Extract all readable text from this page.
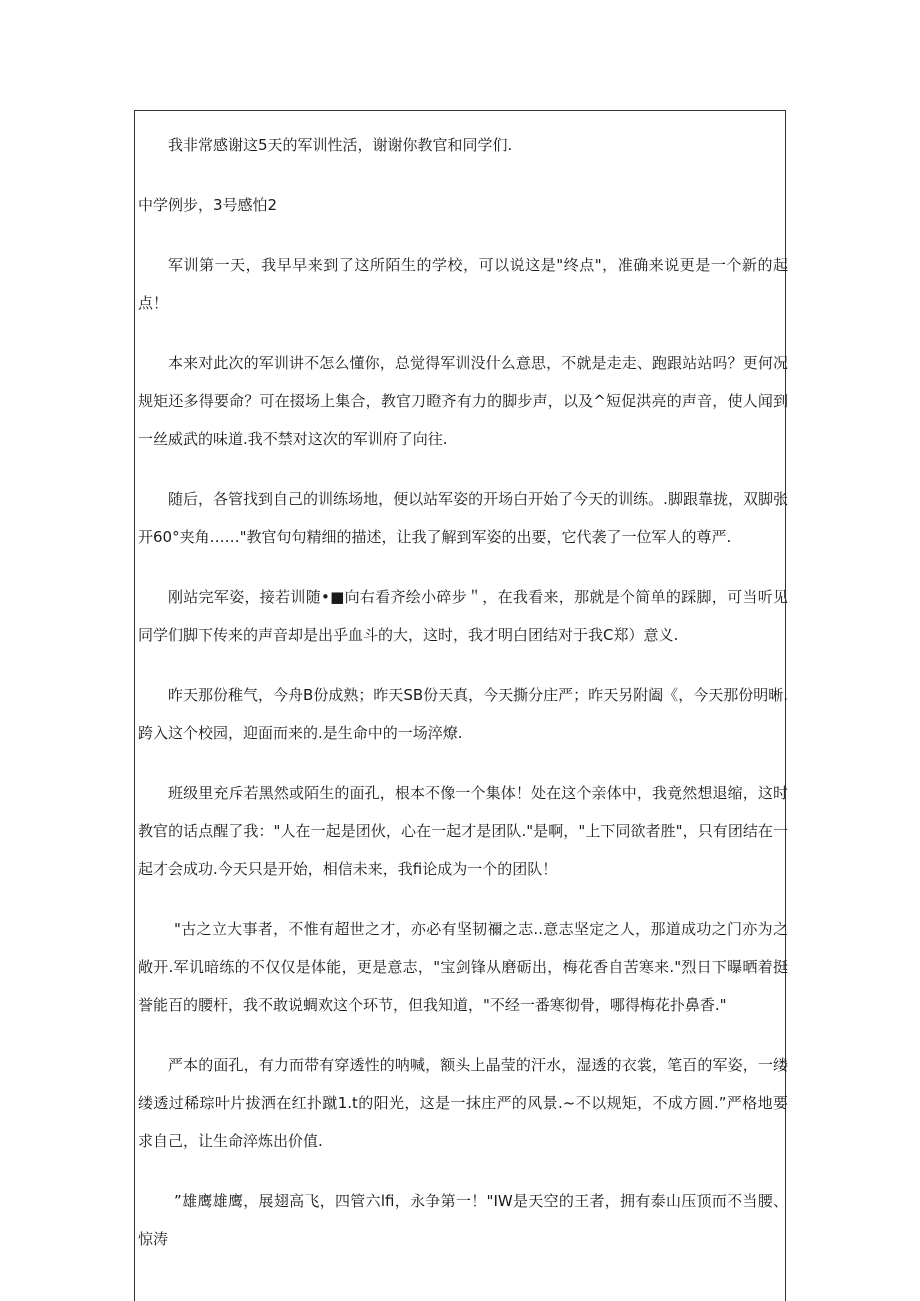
我非常感谢这5天的军训性活，谢谢你教官和同学们.

中学例步，3号感怕2

军训第一天，我早早来到了这所陌生的学校，可以说这是"终点"，准确来说更是一个新的起点！

本来对此次的军训讲不怎么懂你，总觉得军训没什么意思，不就是走走、跑跟站站吗？更何况规矩还多得要命？可在掇场上集合，教官刀瞪齐有力的脚步声，以及^短促洪亮的声音，使人闻到一丝威武的味道.我不禁对这次的军训府了向往.

随后，各管找到自己的训练场地，便以站军姿的开场白开始了今天的训练。.脚跟靠拢，双脚张开60°夹角……"教官句句精细的描述，让我了解到军姿的出要，它代袭了一位军人的尊严.

刚站完军姿，接若训随•■向右看齐绘小碎步＂，在我看来，那就是个简单的踩脚，可当听见同学们脚下传来的声音却是出乎血斗的大，这时，我才明白团结对于我C郑）意义.

昨天那份稚气，今舟B份成熟；昨天SB份天真，今天撕分庄严；昨天另附阖《，今天那份明晰.跨入这个校园，迎面而来的.是生命中的一场淬燎.

班级里充斥若黑然或陌生的面孔，根本不像一个集体！处在这个亲体中，我竟然想退缩，这时教官的话点醒了我："人在一起是团伙，心在一起才是团队."是啊，"上下同欲者胜"，只有团结在一起才会成功.今天只是开始，相信未来，我fi论成为一个的团队！

"古之立大事者，不惟有超世之才，亦必有坚韧禰之志..意志坚定之人，那道成功之门亦为之敞开.军讥暗练的不仅仅是体能，更是意志，"宝剑锋从磨砺出，梅花香自苦寒来."烈日下曝晒着挺誉能百的腰杆，我不敢说蜩欢这个环节，但我知道，"不经一番寒彻骨，哪得梅花扑鼻香."

严本的面孔，有力而带有穿透性的呐喊，额头上晶莹的汗水，湿透的衣裳，笔百的军姿，一缕缕透过稀琮叶片拔洒在红扑蹴1.t的阳光，这是一抹庄严的风景.~不以规矩，不成方圆.”严格地要求自己，让生命淬炼出价值.

”雄鹰雄鹰，展翅高飞，四管六lfi，永争第一！"IW是天空的王者，拥有泰山压顶而不当腰、惊涛
